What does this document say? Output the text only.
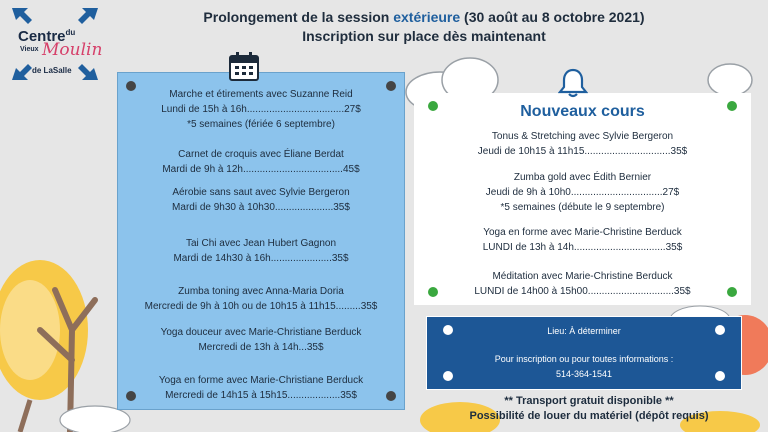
Centre$^{du}$
Vieux Moulin
de LaSalle
Prolongement de la session extérieure (30 août au 8 octobre 2021)
Inscription sur place dès maintenant
Marche et étirements avec Suzanne Reid
Lundi de 15h à 16h...................................27$
*5 semaines (fériée 6 septembre)
Carnet de croquis avec Éliane Berdat
Mardi de 9h à 12h....................................45$
Aérobie sans saut avec Sylvie Bergeron
Mardi de 9h30 à 10h30.....................35$
Tai Chi avec Jean Hubert Gagnon
Mardi de 14h30 à 16h......................35$
Zumba toning avec Anna-Maria Doria
Mercredi de 9h à 10h ou de 10h15 à 11h15.........35$
Yoga douceur avec Marie-Christiane Berduck
Mercredi de 13h à 14h...35$
Yoga en forme avec Marie-Christiane Berduck
Mercredi de 14h15 à 15h15...................35$
Nouveaux cours
Tonus & Stretching avec Sylvie Bergeron
Jeudi de 10h15 à 11h15...............................35$
Zumba gold avec Édith Bernier
Jeudi de 9h à 10h0.................................27$
*5 semaines (débute le 9 septembre)
Yoga en forme avec Marie-Christine Berduck
LUNDI de 13h à 14h.................................35$
Méditation avec Marie-Christine Berduck
LUNDI de 14h00 à 15h00...............................35$
Lieu: À déterminer
Pour inscription ou pour toutes informations :
514-364-1541
** Transport gratuit disponible **
Possibilité de louer du matériel (dépôt requis)
